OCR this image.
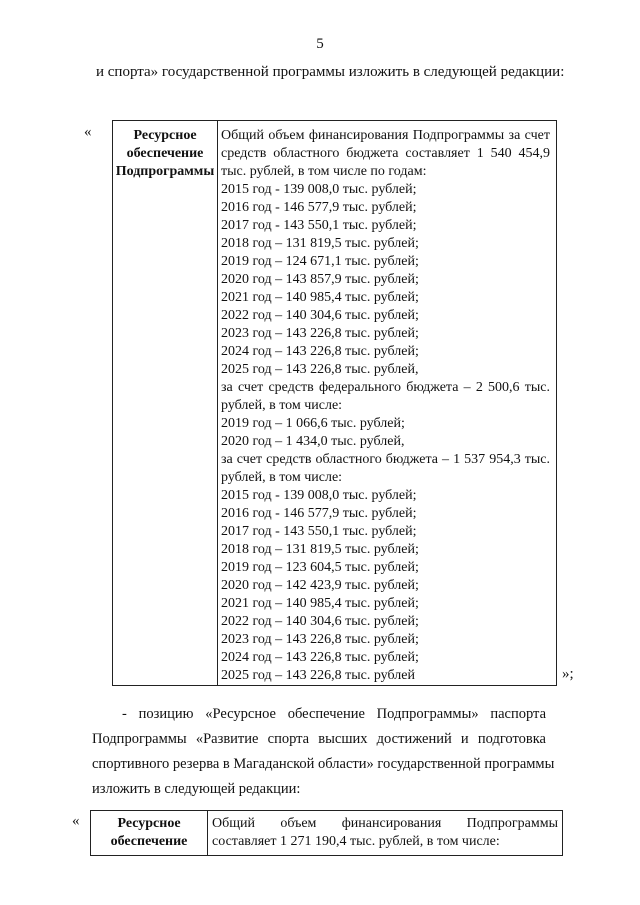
5
и спорта» государственной программы изложить в следующей редакции:
«	Ресурсное
обеспечение
Подпрограммы

Общий объем финансирования Подпрограммы за счет
средств областного бюджета составляет 1 540 454,9
тыс. рублей, в том числе по годам:
2015 год - 139 008,0 тыс. рублей;
2016 год - 146 577,9 тыс. рублей;
2017 год - 143 550,1 тыс. рублей;
2018 год – 131 819,5 тыс. рублей;
2019 год – 124 671,1 тыс. рублей;
2020 год – 143 857,9 тыс. рублей;
2021 год – 140 985,4 тыс. рублей;
2022 год – 140 304,6 тыс. рублей;
2023 год – 143 226,8 тыс. рублей;
2024 год – 143 226,8 тыс. рублей;
2025 год – 143 226,8 тыс. рублей,
за счет средств федерального бюджета – 2 500,6 тыс.
рублей, в том числе:
2019 год – 1 066,6 тыс. рублей;
2020 год – 1 434,0 тыс. рублей,
за счет средств областного бюджета – 1 537 954,3 тыс.
рублей, в том числе:
2015 год - 139 008,0 тыс. рублей;
2016 год - 146 577,9 тыс. рублей;
2017 год - 143 550,1 тыс. рублей;
2018 год – 131 819,5 тыс. рублей;
2019 год – 123 604,5 тыс. рублей;
2020 год – 142 423,9 тыс. рублей;
2021 год – 140 985,4 тыс. рублей;
2022 год – 140 304,6 тыс. рублей;
2023 год – 143 226,8 тыс. рублей;
2024 год – 143 226,8 тыс. рублей;
2025 год – 143 226,8 тыс. рублей	»;
- позицию «Ресурсное обеспечение Подпрограммы» паспорта
Подпрограммы «Развитие спорта высших достижений и подготовка
спортивного резерва в Магаданской области» государственной программы
изложить в следующей редакции:
«	Ресурсное
обеспечение

Общий объем финансирования Подпрограммы
составляет 1 271 190,4 тыс. рублей, в том числе:
